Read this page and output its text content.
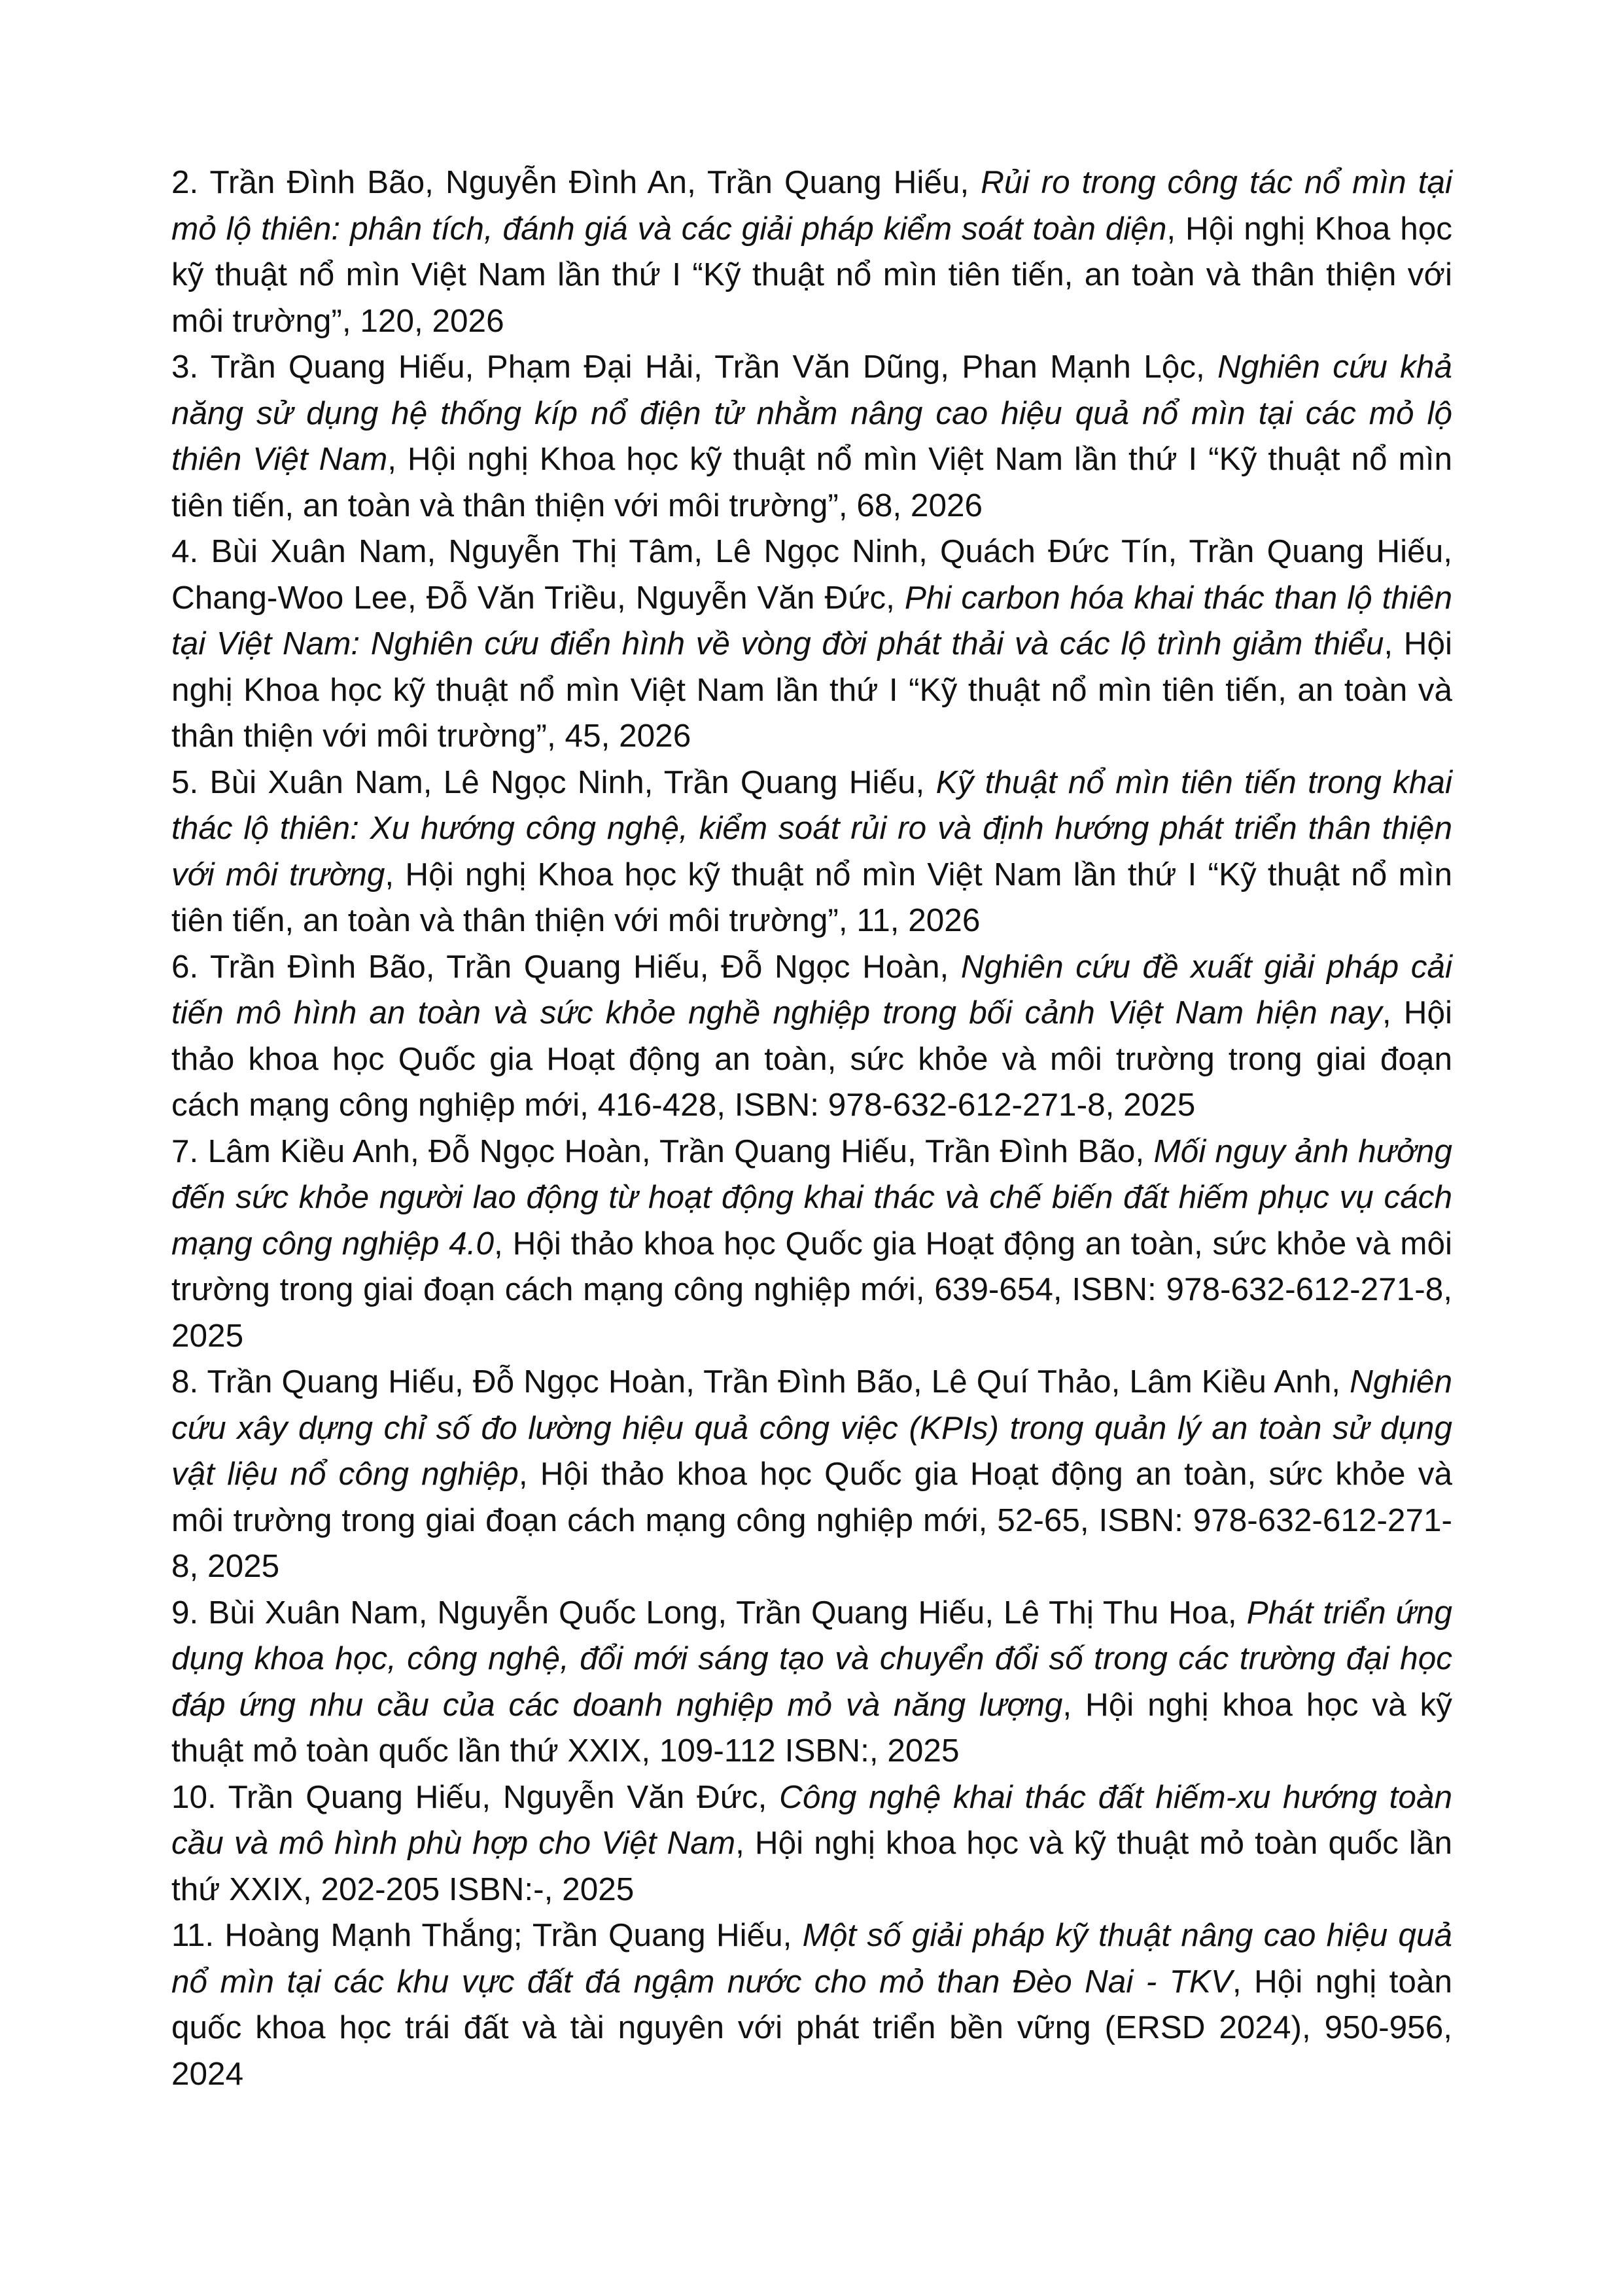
2. Trần Đình Bão, Nguyễn Đình An, Trần Quang Hiếu, Rủi ro trong công tác nổ mìn tại mỏ lộ thiên: phân tích, đánh giá và các giải pháp kiểm soát toàn diện, Hội nghị Khoa học kỹ thuật nổ mìn Việt Nam lần thứ I “Kỹ thuật nổ mìn tiên tiến, an toàn và thân thiện với môi trường”, 120, 2026

3. Trần Quang Hiếu, Phạm Đại Hải, Trần Văn Dũng, Phan Mạnh Lộc, Nghiên cứu khả năng sử dụng hệ thống kíp nổ điện tử nhằm nâng cao hiệu quả nổ mìn tại các mỏ lộ thiên Việt Nam, Hội nghị Khoa học kỹ thuật nổ mìn Việt Nam lần thứ I “Kỹ thuật nổ mìn tiên tiến, an toàn và thân thiện với môi trường”, 68, 2026

4. Bùi Xuân Nam, Nguyễn Thị Tâm, Lê Ngọc Ninh, Quách Đức Tín, Trần Quang Hiếu, Chang-Woo Lee, Đỗ Văn Triều, Nguyễn Văn Đức, Phi carbon hóa khai thác than lộ thiên tại Việt Nam: Nghiên cứu điển hình về vòng đời phát thải và các lộ trình giảm thiểu, Hội nghị Khoa học kỹ thuật nổ mìn Việt Nam lần thứ I “Kỹ thuật nổ mìn tiên tiến, an toàn và thân thiện với môi trường”, 45, 2026

5. Bùi Xuân Nam, Lê Ngọc Ninh, Trần Quang Hiếu, Kỹ thuật nổ mìn tiên tiến trong khai thác lộ thiên: Xu hướng công nghệ, kiểm soát rủi ro và định hướng phát triển thân thiện với môi trường, Hội nghị Khoa học kỹ thuật nổ mìn Việt Nam lần thứ I “Kỹ thuật nổ mìn tiên tiến, an toàn và thân thiện với môi trường”, 11, 2026

6. Trần Đình Bão, Trần Quang Hiếu, Đỗ Ngọc Hoàn, Nghiên cứu đề xuất giải pháp cải tiến mô hình an toàn và sức khỏe nghề nghiệp trong bối cảnh Việt Nam hiện nay, Hội thảo khoa học Quốc gia Hoạt động an toàn, sức khỏe và môi trường trong giai đoạn cách mạng công nghiệp mới, 416-428, ISBN: 978-632-612-271-8, 2025

7. Lâm Kiều Anh, Đỗ Ngọc Hoàn, Trần Quang Hiếu, Trần Đình Bão, Mối nguy ảnh hưởng đến sức khỏe người lao động từ hoạt động khai thác và chế biến đất hiếm phục vụ cách mạng công nghiệp 4.0, Hội thảo khoa học Quốc gia Hoạt động an toàn, sức khỏe và môi trường trong giai đoạn cách mạng công nghiệp mới, 639-654, ISBN: 978-632-612-271-8, 2025

8. Trần Quang Hiếu, Đỗ Ngọc Hoàn, Trần Đình Bão, Lê Quí Thảo, Lâm Kiều Anh, Nghiên cứu xây dựng chỉ số đo lường hiệu quả công việc (KPIs) trong quản lý an toàn sử dụng vật liệu nổ công nghiệp, Hội thảo khoa học Quốc gia Hoạt động an toàn, sức khỏe và môi trường trong giai đoạn cách mạng công nghiệp mới, 52-65, ISBN: 978-632-612-271-8, 2025

9. Bùi Xuân Nam, Nguyễn Quốc Long, Trần Quang Hiếu, Lê Thị Thu Hoa, Phát triển ứng dụng khoa học, công nghệ, đổi mới sáng tạo và chuyển đổi số trong các trường đại học đáp ứng nhu cầu của các doanh nghiệp mỏ và năng lượng, Hội nghị khoa học và kỹ thuật mỏ toàn quốc lần thứ XXIX, 109-112 ISBN:, 2025

10. Trần Quang Hiếu, Nguyễn Văn Đức, Công nghệ khai thác đất hiếm-xu hướng toàn cầu và mô hình phù hợp cho Việt Nam, Hội nghị khoa học và kỹ thuật mỏ toàn quốc lần thứ XXIX, 202-205 ISBN:-, 2025

11. Hoàng Mạnh Thắng; Trần Quang Hiếu, Một số giải pháp kỹ thuật nâng cao hiệu quả nổ mìn tại các khu vực đất đá ngậm nước cho mỏ than Đèo Nai - TKV, Hội nghị toàn quốc khoa học trái đất và tài nguyên với phát triển bền vững (ERSD 2024), 950-956, 2024
